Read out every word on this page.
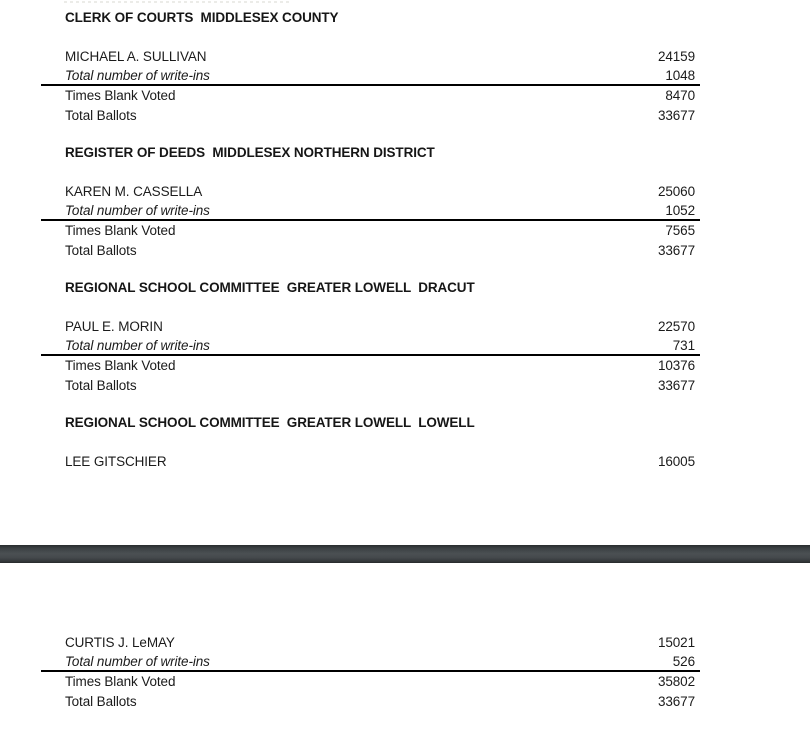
CLERK OF COURTS  MIDDLESEX COUNTY
MICHAEL A. SULLIVAN	24159
Total number of write-ins	1048
Times Blank Voted	8470
Total Ballots	33677
REGISTER OF DEEDS  MIDDLESEX NORTHERN DISTRICT
KAREN M. CASSELLA	25060
Total number of write-ins	1052
Times Blank Voted	7565
Total Ballots	33677
REGIONAL SCHOOL COMMITTEE  GREATER LOWELL  DRACUT
PAUL E. MORIN	22570
Total number of write-ins	731
Times Blank Voted	10376
Total Ballots	33677
REGIONAL SCHOOL COMMITTEE  GREATER LOWELL  LOWELL
LEE GITSCHIER	16005
CURTIS J. LeMAY	15021
Total number of write-ins	526
Times Blank Voted	35802
Total Ballots	33677
